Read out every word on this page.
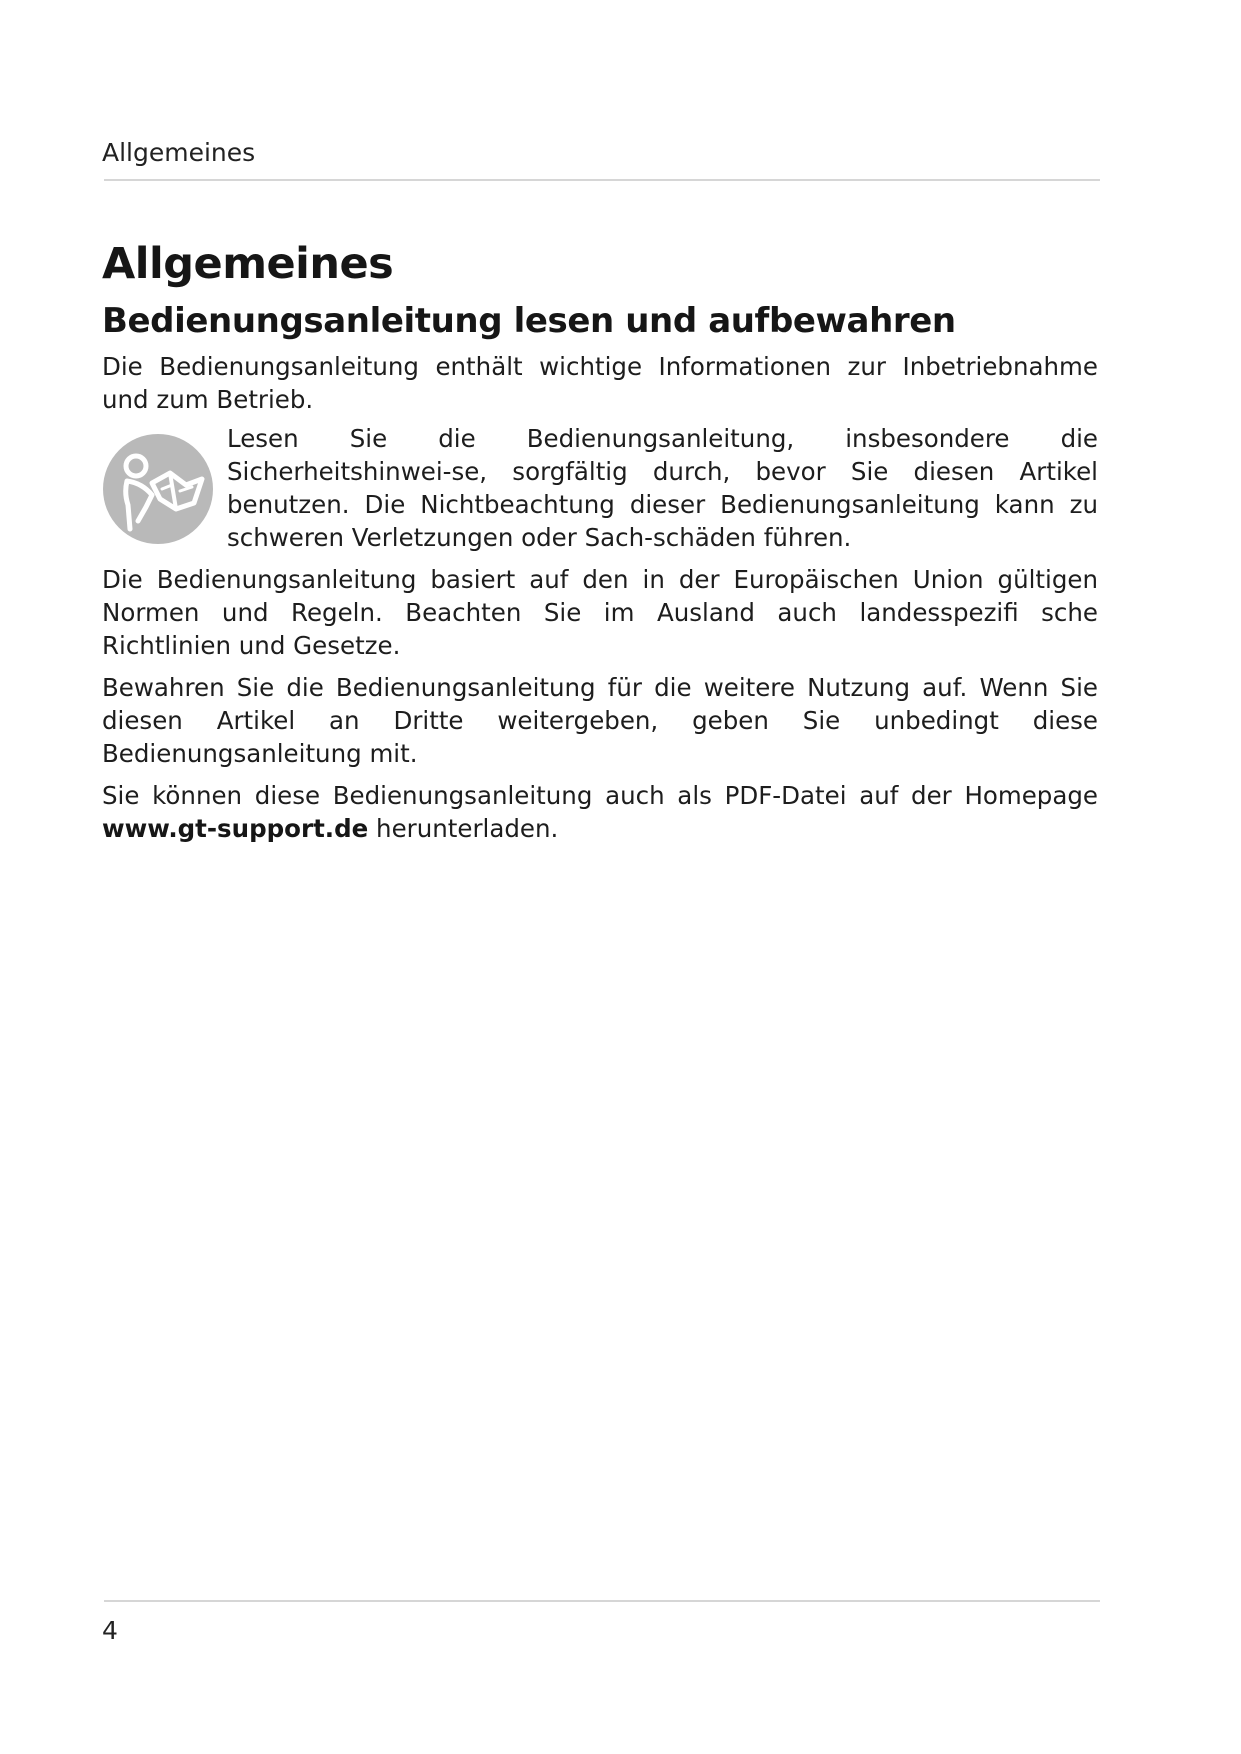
Allgemeines
Allgemeines
Bedienungsanleitung lesen und aufbewahren

Die Bedienungsanleitung enthält wichtige Informationen zur Inbetriebnahme und zum Betrieb.

Lesen Sie die Bedienungsanleitung, insbesondere die Sicherheitshinwei-se, sorgfältig durch, bevor Sie diesen Artikel benutzen. Die Nichtbeachtung dieser Bedienungsanleitung kann zu schweren Verletzungen oder Sach-schäden führen.

Die Bedienungsanleitung basiert auf den in der Europäischen Union gültigen Normen und Regeln. Beachten Sie im Ausland auch landesspezifi sche Richtlinien und Gesetze.

Bewahren Sie die Bedienungsanleitung für die weitere Nutzung auf. Wenn Sie diesen Artikel an Dritte weitergeben, geben Sie unbedingt diese Bedienungsanleitung mit.

Sie können diese Bedienungsanleitung auch als PDF-Datei auf der Homepage www.gt-support.de herunterladen.

4
